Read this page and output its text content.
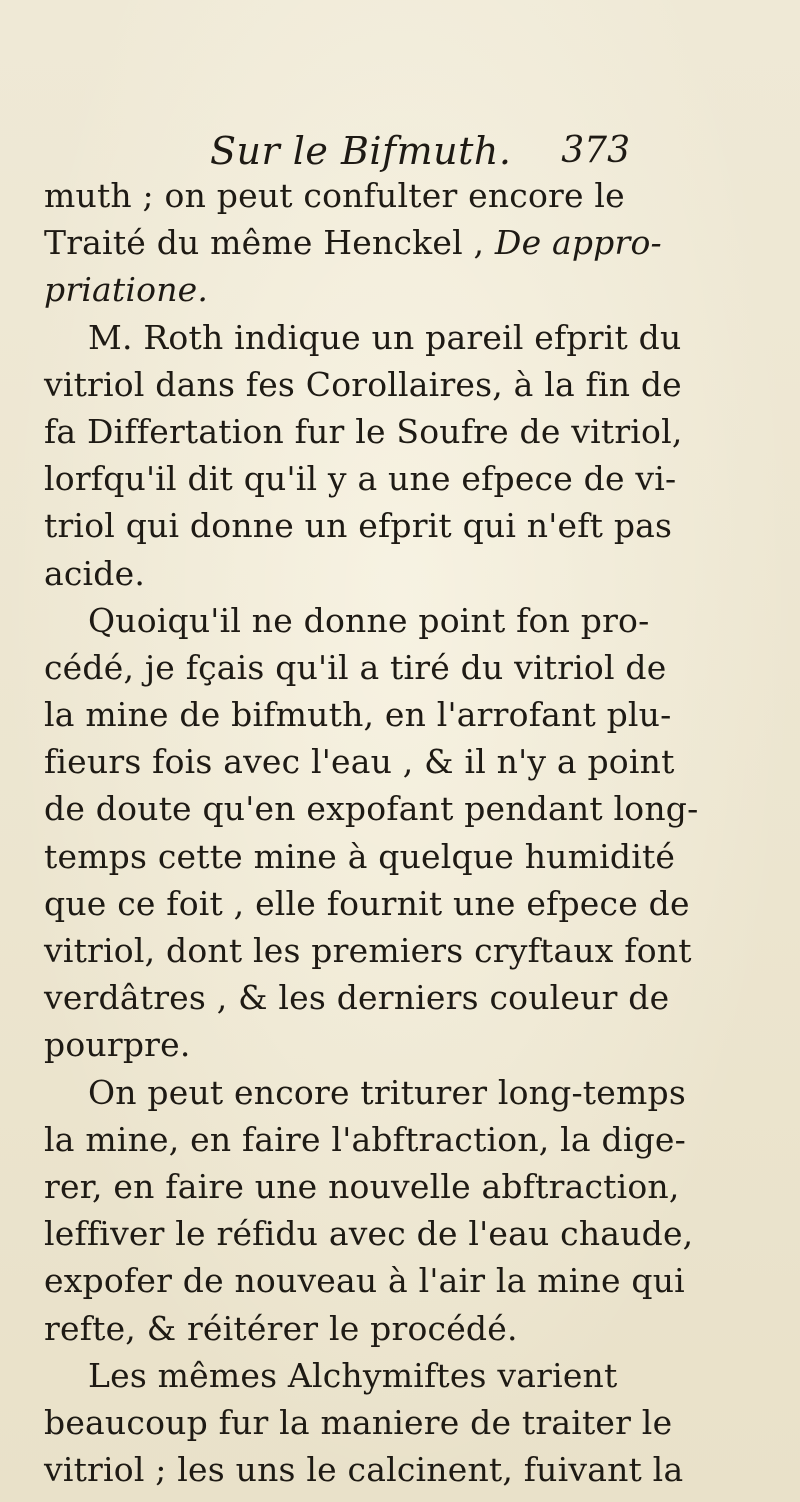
Sur le Bifmuth. 373
muth ; on peut confulter encore le
Traité du même Henckel , De appro-
priatione.
M. Roth indique un pareil efprit du
vitriol dans fes Corollaires, à la fin de
fa Differtation fur le Soufre de vitriol,
lorfqu'il dit qu'il y a une efpece de vi-
triol qui donne un efprit qui n'eft pas
acide.
Quoiqu'il ne donne point fon pro-
cédé, je fçais qu'il a tiré du vitriol de
la mine de bifmuth, en l'arrofant plu-
fieurs fois avec l'eau , & il n'y a point
de doute qu'en expofant pendant long-
temps cette mine à quelque humidité
que ce foit , elle fournit une efpece de
vitriol, dont les premiers cryftaux font
verdâtres , & les derniers couleur de
pourpre.
On peut encore triturer long-temps
la mine, en faire l'abftraction, la dige-
rer, en faire une nouvelle abftraction,
leffiver le réfidu avec de l'eau chaude,
expofer de nouveau à l'air la mine qui
refte, & réitérer le procédé.
Les mêmes Alchymiftes varient
beaucoup fur la maniere de traiter le
vitriol ; les uns le calcinent, fuivant la
